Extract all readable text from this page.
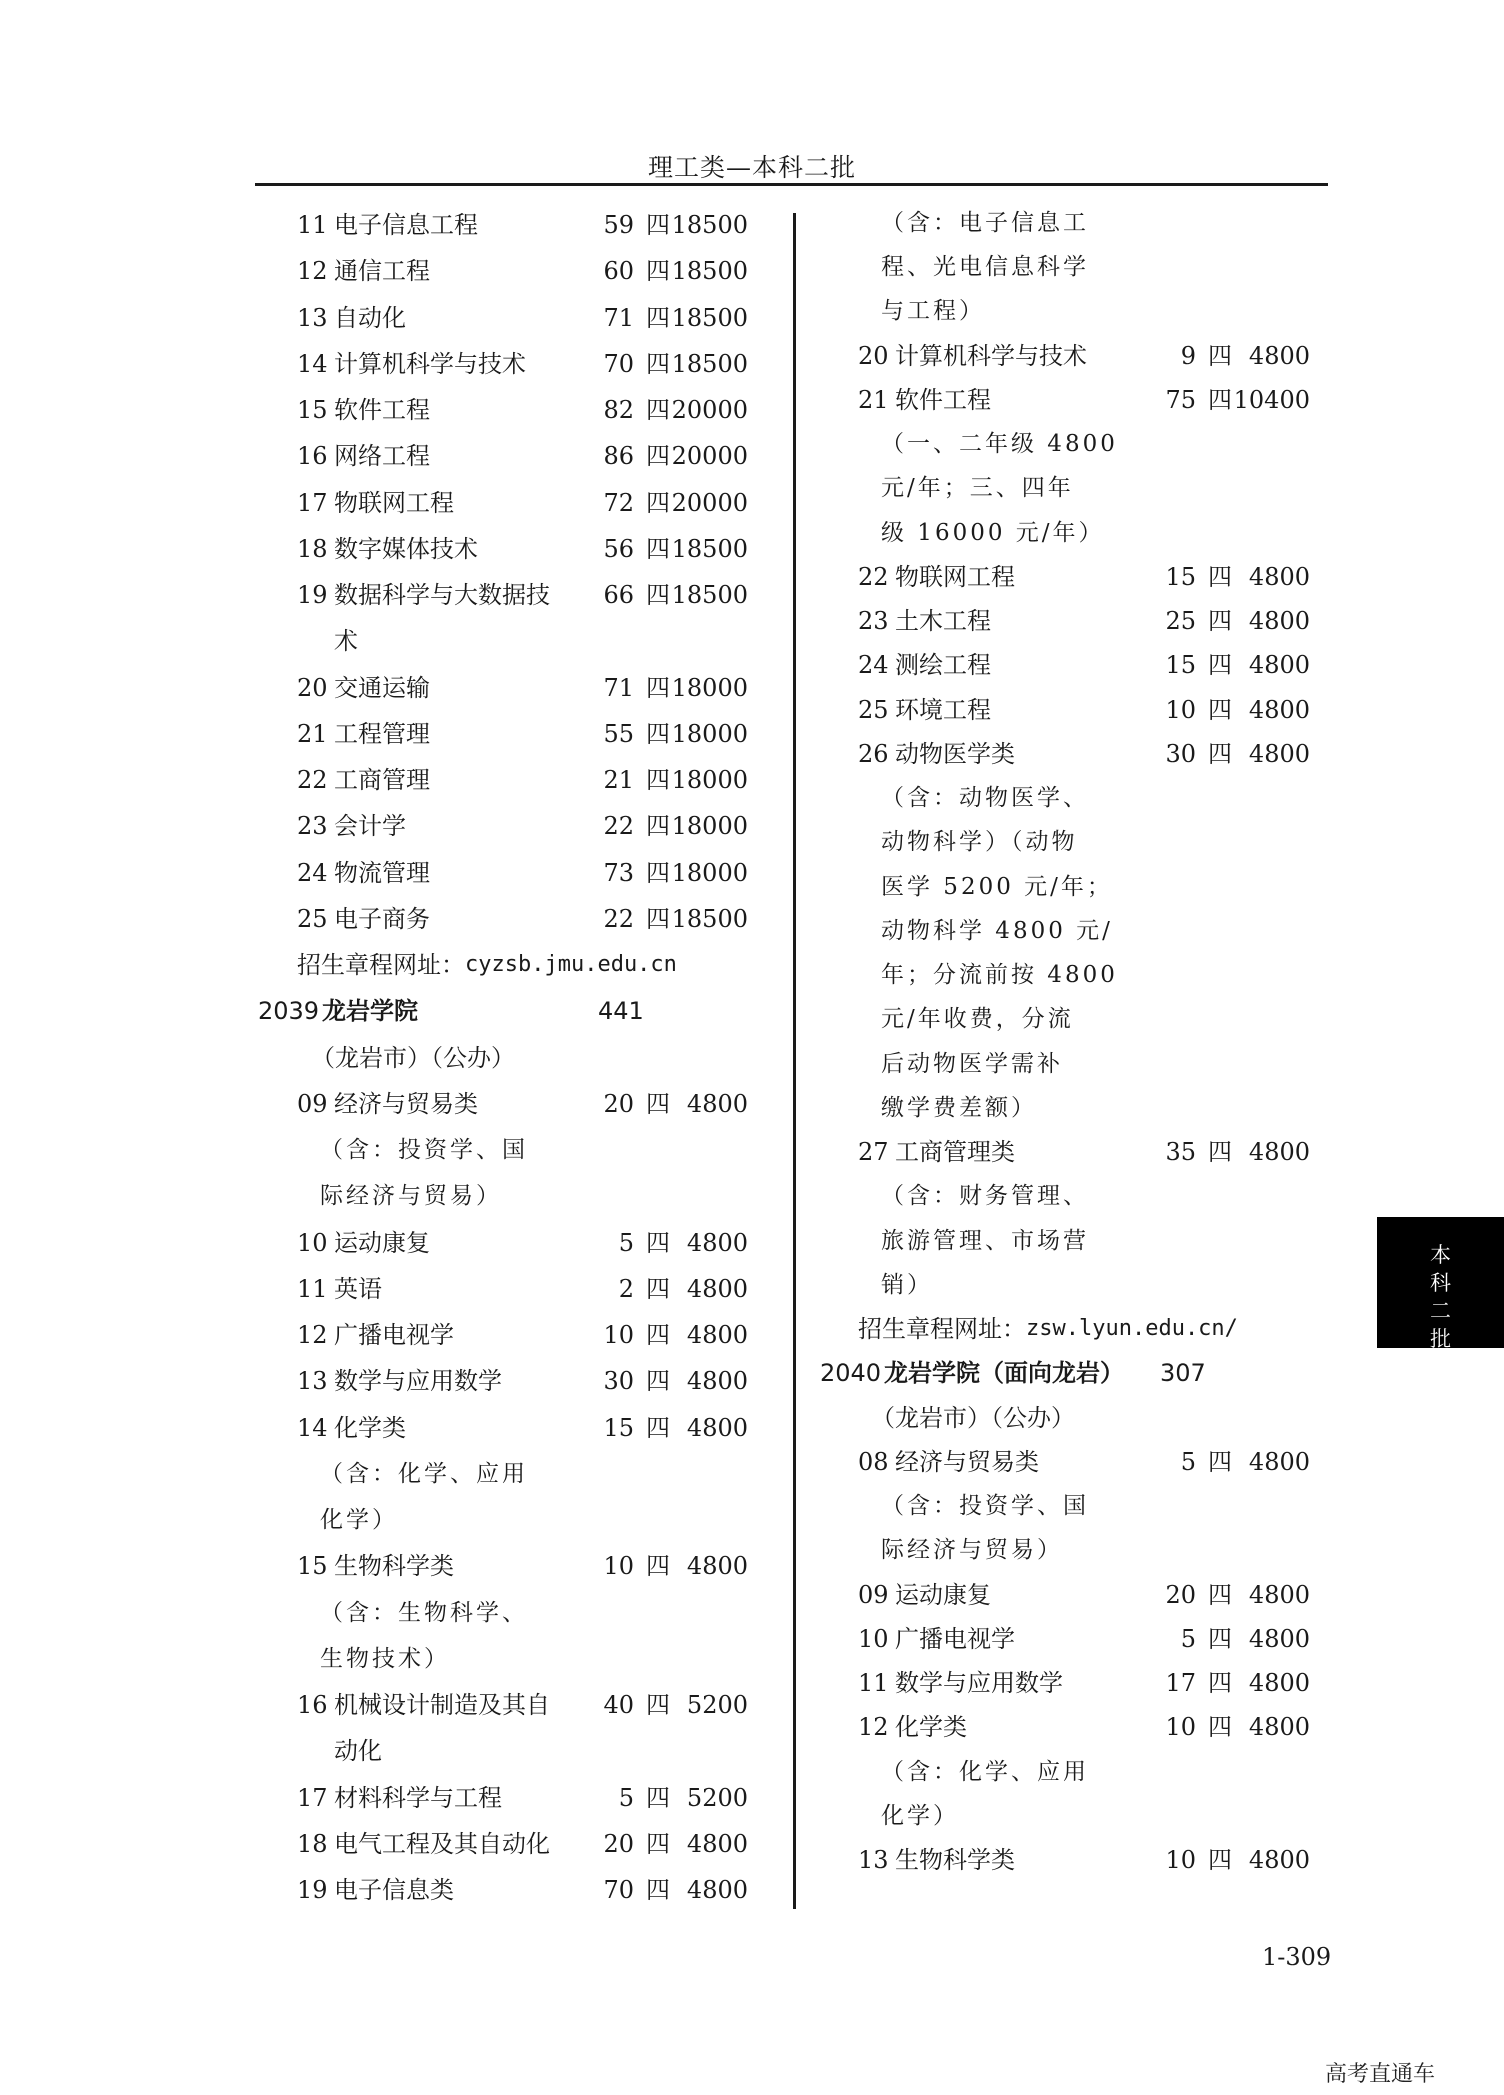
理工类—本科二批
11 电子信息工程	59 四 18500
12 通信工程	60 四 18500
13 自动化	71 四 18500
14 计算机科学与技术	70 四 18500
15 软件工程	82 四 20000
16 网络工程	86 四 20000
17 物联网工程	72 四 20000
18 数字媒体技术	56 四 18500
19 数据科学与大数据技	66 四 18500
术
20 交通运输	71 四 18000
21 工程管理	55 四 18000
22 工商管理	21 四 18000
23 会计学	22 四 18000
24 物流管理	73 四 18000
25 电子商务	22 四 18500
招生章程网址： cyzsb.jmu.edu.cn
2039 龙岩学院	441
（龙岩市）（公办）
09 经济与贸易类	20 四 4800
（含：投资学、国
际经济与贸易）
10 运动康复	5 四 4800
11 英语	2 四 4800
12 广播电视学	10 四 4800
13 数学与应用数学	30 四 4800
14 化学类	15 四 4800
（含：化学、应用
化学）
15 生物科学类	10 四 4800
（含：生物科学、
生物技术）
16 机械设计制造及其自	40 四 5200
动化
17 材料科学与工程	5 四 5200
18 电气工程及其自动化	20 四 4800
19 电子信息类	70 四 4800
（含：电子信息工
程、光电信息科学
与工程）
20 计算机科学与技术	9 四 4800
21 软件工程	75 四 10400
（一、二年级 4800
元/年；三、四年
级 16000 元/年）
22 物联网工程	15 四 4800
23 土木工程	25 四 4800
24 测绘工程	15 四 4800
25 环境工程	10 四 4800
26 动物医学类	30 四 4800
（含：动物医学、
动物科学）（动物
医学 5200 元/年；
动物科学 4800 元/
年；分流前按 4800
元/年收费，分流
后动物医学需补
缴学费差额）
27 工商管理类	35 四 4800
（含：财务管理、
旅游管理、市场营
销）
招生章程网址： zsw.lyun.edu.cn/
2040 龙岩学院（面向龙岩） 307
（龙岩市）（公办）
08 经济与贸易类	5 四 4800
（含：投资学、国
际经济与贸易）
09 运动康复	20 四 4800
10 广播电视学	5 四 4800
11 数学与应用数学	17 四 4800
12 化学类	10 四 4800
（含：化学、应用
化学）
13 生物科学类	10 四 4800
本
科
二
批
1-309
高考直通车
